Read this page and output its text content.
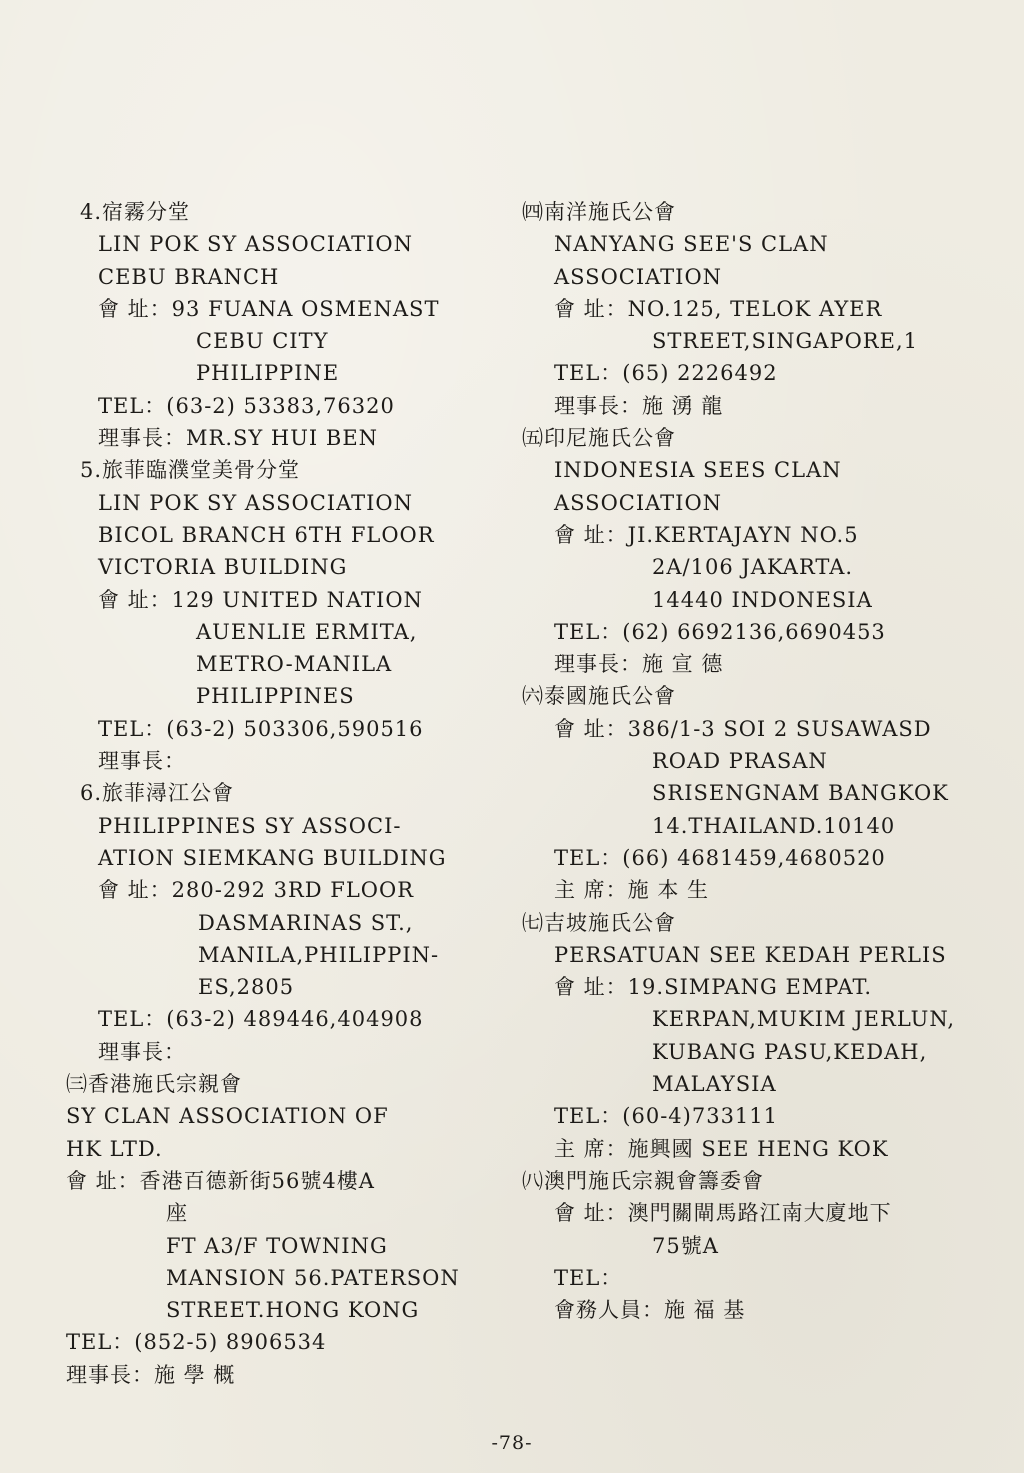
4.宿霧分堂
LIN POK SY ASSOCIATION
CEBU BRANCH
會 址：93 FUANA OSMENAST
CEBU CITY
PHILIPPINE
TEL：(63-2) 53383,76320
理事長：MR.SY HUI BEN
5.旅菲臨濮堂美骨分堂
LIN POK SY ASSOCIATION
BICOL BRANCH 6TH FLOOR
VICTORIA BUILDING
會 址：129 UNITED NATION
AUENLIE ERMITA,
METRO-MANILA
PHILIPPINES
TEL：(63-2) 503306,590516
理事長：
6.旅菲潯江公會
PHILIPPINES SY ASSOCI-
ATION SIEMKANG BUILDING
會 址：280-292 3RD FLOOR
DASMARINAS ST.,
MANILA,PHILIPPIN-
ES,2805
TEL：(63-2) 489446,404908
理事長：
㈢香港施氏宗親會
SY CLAN ASSOCIATION OF
HK LTD.
會 址：香港百德新街56號4樓A
座
FT A3/F TOWNING
MANSION 56.PATERSON
STREET.HONG KONG
TEL：(852-5) 8906534
理事長：施 學 概
㈣南洋施氏公會
NANYANG SEE'S CLAN
ASSOCIATION
會 址：NO.125, TELOK AYER
STREET,SINGAPORE,1
TEL：(65) 2226492
理事長：施 湧 龍
㈤印尼施氏公會
INDONESIA SEES CLAN
ASSOCIATION
會 址：JI.KERTAJAYN NO.5
2A/106 JAKARTA.
14440 INDONESIA
TEL：(62) 6692136,6690453
理事長：施 宣 德
㈥泰國施氏公會
會 址：386/1-3 SOI 2 SUSAWASD
ROAD PRASAN
SRISENGNAM BANGKOK
14.THAILAND.10140
TEL：(66) 4681459,4680520
主 席：施 本 生
㈦吉坡施氏公會
PERSATUAN SEE KEDAH PERLIS
會 址：19.SIMPANG EMPAT.
KERPAN,MUKIM JERLUN,
KUBANG PASU,KEDAH,
MALAYSIA
TEL：(60-4)733111
主 席：施興國 SEE HENG KOK
㈧澳門施氏宗親會籌委會
會 址：澳門關閘馬路江南大廈地下
75號A
TEL：
會務人員：施 福 基
-78-
